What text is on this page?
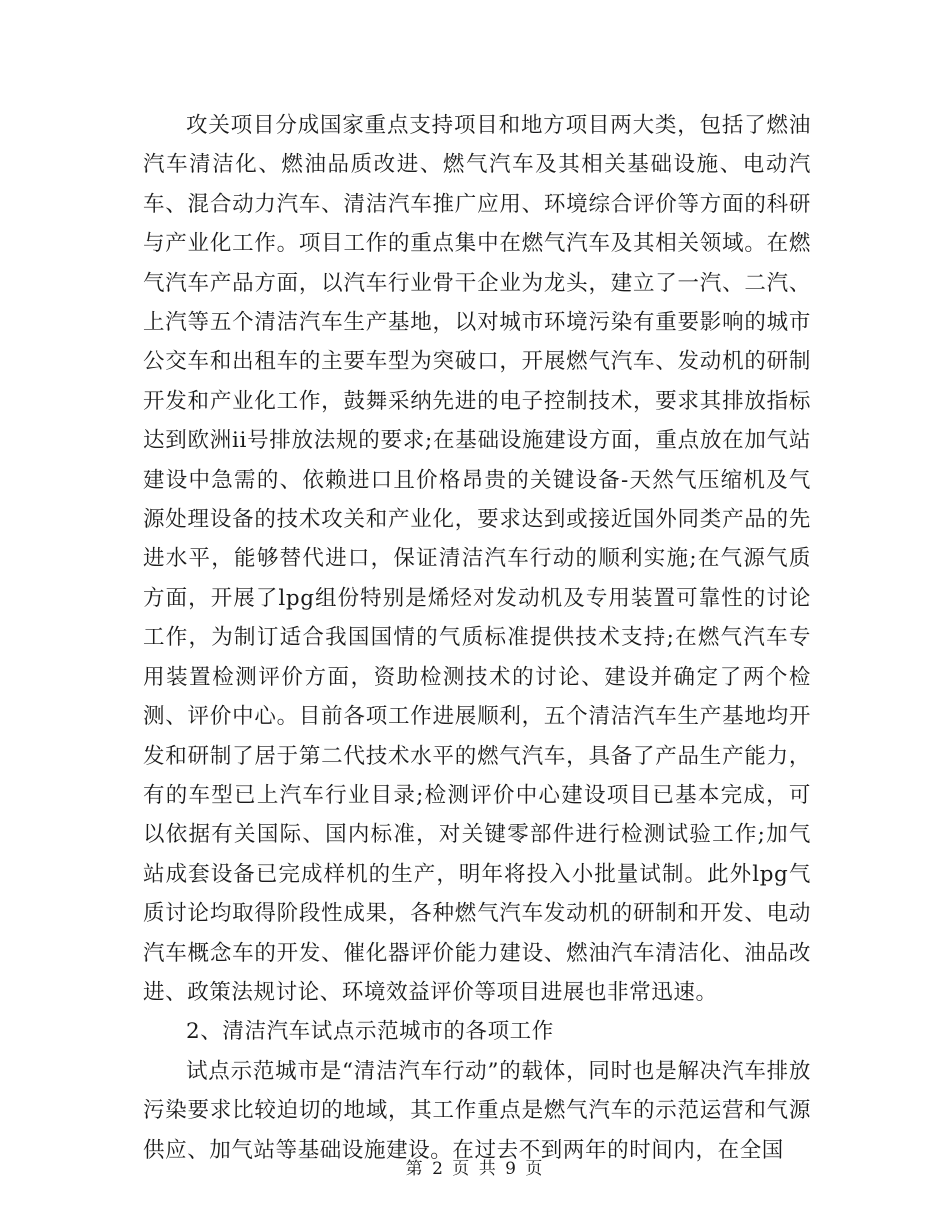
攻关项目分成国家重点支持项目和地方项目两大类，包括了燃油汽车清洁化、燃油品质改进、燃气汽车及其相关基础设施、电动汽车、混合动力汽车、清洁汽车推广应用、环境综合评价等方面的科研与产业化工作。项目工作的重点集中在燃气汽车及其相关领域。在燃气汽车产品方面，以汽车行业骨干企业为龙头，建立了一汽、二汽、上汽等五个清洁汽车生产基地，以对城市环境污染有重要影响的城市公交车和出租车的主要车型为突破口，开展燃气汽车、发动机的研制开发和产业化工作，鼓舞采纳先进的电子控制技术，要求其排放指标达到欧洲ii号排放法规的要求;在基础设施建设方面，重点放在加气站建设中急需的、依赖进口且价格昂贵的关键设备-天然气压缩机及气源处理设备的技术攻关和产业化，要求达到或接近国外同类产品的先进水平，能够替代进口，保证清洁汽车行动的顺利实施;在气源气质方面，开展了lpg组份特别是烯烃对发动机及专用装置可靠性的讨论工作，为制订适合我国国情的气质标准提供技术支持;在燃气汽车专用装置检测评价方面，资助检测技术的讨论、建设并确定了两个检测、评价中心。目前各项工作进展顺利，五个清洁汽车生产基地均开发和研制了居于第二代技术水平的燃气汽车，具备了产品生产能力，有的车型已上汽车行业目录;检测评价中心建设项目已基本完成，可以依据有关国际、国内标准，对关键零部件进行检测试验工作;加气站成套设备已完成样机的生产，明年将投入小批量试制。此外lpg气质讨论均取得阶段性成果，各种燃气汽车发动机的研制和开发、电动汽车概念车的开发、催化器评价能力建设、燃油汽车清洁化、油品改进、政策法规讨论、环境效益评价等项目进展也非常迅速。

2、清洁汽车试点示范城市的各项工作

试点示范城市是“清洁汽车行动”的载体，同时也是解决汽车排放污染要求比较迫切的地域，其工作重点是燃气汽车的示范运营和气源供应、加气站等基础设施建设。在过去不到两年的时间内，在全国

第 2 页 共 9 页
